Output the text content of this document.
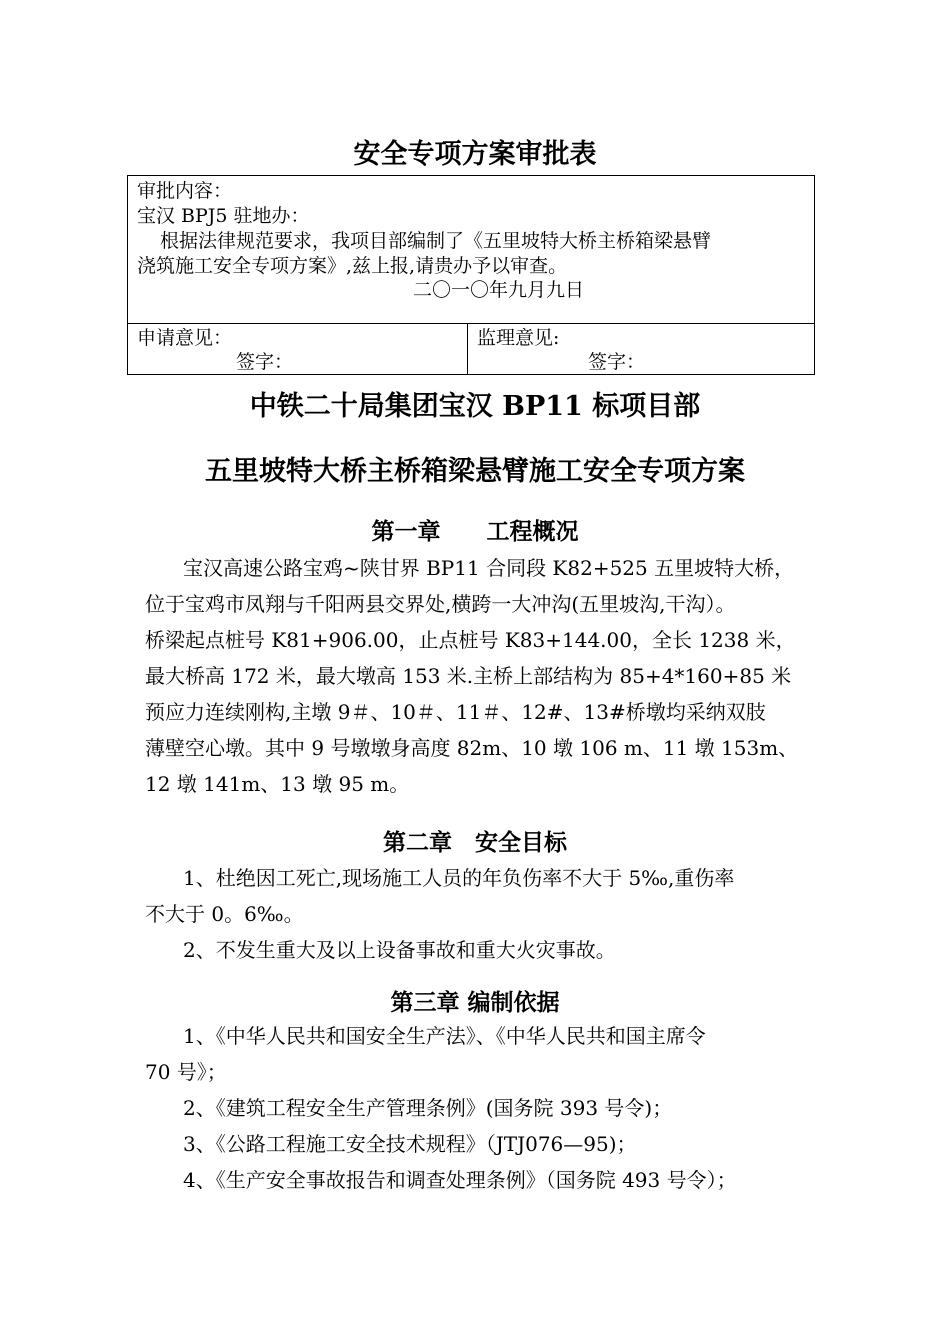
安全专项方案审批表
审批内容：
宝汉 BPJ5 驻地办：
根据法律规范要求，我项目部编制了《五里坡特大桥主桥箱梁悬臂
浇筑施工安全专项方案》,兹上报,请贵办予以审查。
二〇一〇年九月九日
申请意见：
签字：
监理意见:
签字：
中铁二十局集团宝汉 BP11 标项目部
五里坡特大桥主桥箱梁悬臂施工安全专项方案
第一章　　工程概况
宝汉高速公路宝鸡~陕甘界 BP11 合同段 K82+525 五里坡特大桥，
位于宝鸡市凤翔与千阳两县交界处,横跨一大冲沟(五里坡沟,干沟）。
桥梁起点桩号 K81+906.00，止点桩号 K83+144.00，全长 1238 米，
最大桥高 172 米，最大墩高 153 米.主桥上部结构为 85+4*160+85 米
预应力连续刚构,主墩 9＃、10＃、11＃、12#、13#桥墩均采纳双肢
薄壁空心墩。其中 9 号墩墩身高度 82m、10 墩 106 m、11 墩 153m、
12 墩 141m、13 墩 95 m。
第二章　安全目标
1、杜绝因工死亡,现场施工人员的年负伤率不大于 5‰,重伤率
不大于 0。6‰。
2、不发生重大及以上设备事故和重大火灾事故。
第三章 编制依据
1、《中华人民共和国安全生产法》、《中华人民共和国主席令
70 号》；
2、《建筑工程安全生产管理条例》(国务院 393 号令)；
3、《公路工程施工安全技术规程》（JTJ076—95)；
4、《生产安全事故报告和调查处理条例》（国务院 493 号令）；
